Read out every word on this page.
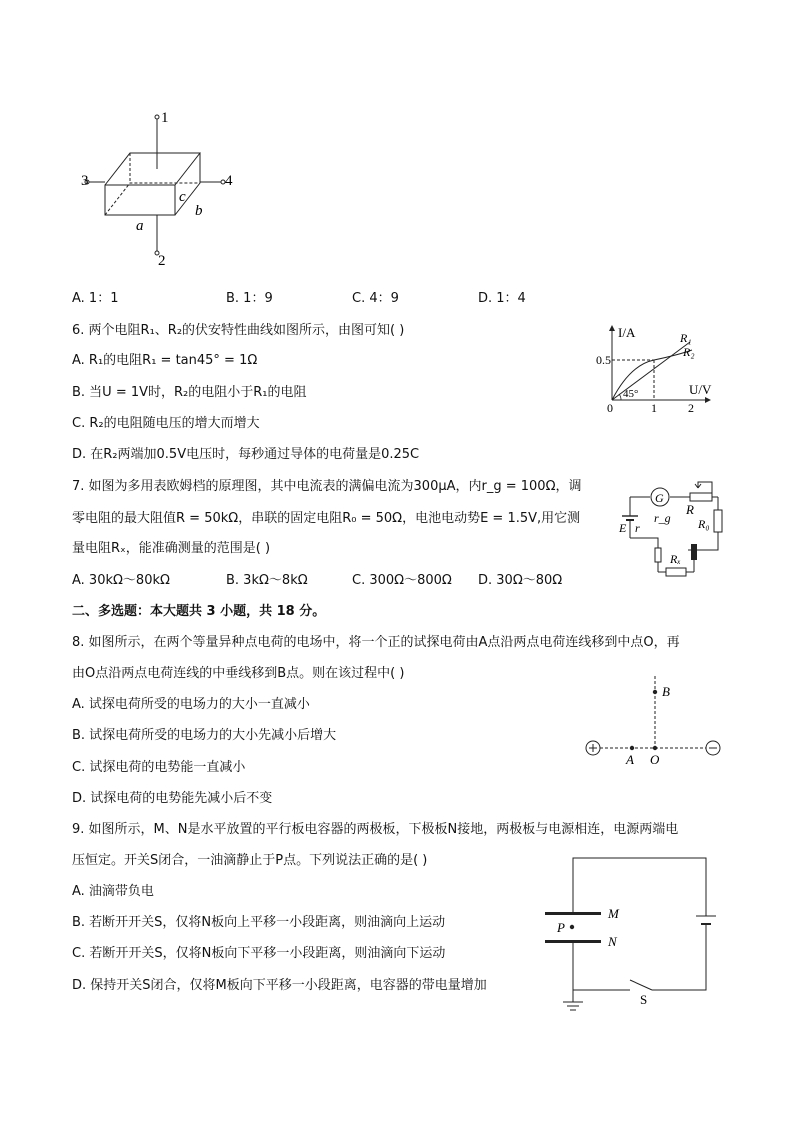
1
2
3	4
a
b
c
A. 1：1	B. 1：9	C. 4：9	D. 1：4
6. 两个电阻R₁、R₂的伏安特性曲线如图所示，由图可知( )
A. R₁的电阻R₁ = tan45° = 1Ω
B. 当U = 1V时，R₂的电阻小于R₁的电阻
C. R₂的电阻随电压的增大而增大
D. 在R₂两端加0.5V电压时，每秒通过导体的电荷量是0.25C
I/A
U/V
0.5
0	1	2
45°
R₁
R₂
7. 如图为多用表欧姆档的原理图，其中电流表的满偏电流为300μA，内r_g = 100Ω，调
零电阻的最大阻值R = 50kΩ，串联的固定电阻R₀ = 50Ω，电池电动势E = 1.5V,用它测
量电阻Rₓ，能准确测量的范围是( )
A. 30kΩ～80kΩ	B. 3kΩ～8kΩ	C. 300Ω～800Ω D. 30Ω～80Ω
G
r_g
R
R₀
E r
Rₓ
二、多选题：本大题共 3 小题，共 18 分。
8. 如图所示，在两个等量异种点电荷的电场中，将一个正的试探电荷由A点沿两点电荷连线移到中点O，再
由O点沿两点电荷连线的中垂线移到B点。则在该过程中( )
A. 试探电荷所受的电场力的大小一直减小
B. 试探电荷所受的电场力的大小先减小后增大
C. 试探电荷的电势能一直减小
D. 试探电荷的电势能先减小后不变
B
A O
9. 如图所示，M、N是水平放置的平行板电容器的两极板，下极板N接地，两极板与电源相连，电源两端电
压恒定。开关S闭合，一油滴静止于P点。下列说法正确的是( )
A. 油滴带负电
B. 若断开开关S，仅将N板向上平移一小段距离，则油滴向上运动
C. 若断开开关S，仅将N板向下平移一小段距离，则油滴向下运动
D. 保持开关S闭合，仅将M板向下平移一小段距离，电容器的带电量增加
M
N
P
S
